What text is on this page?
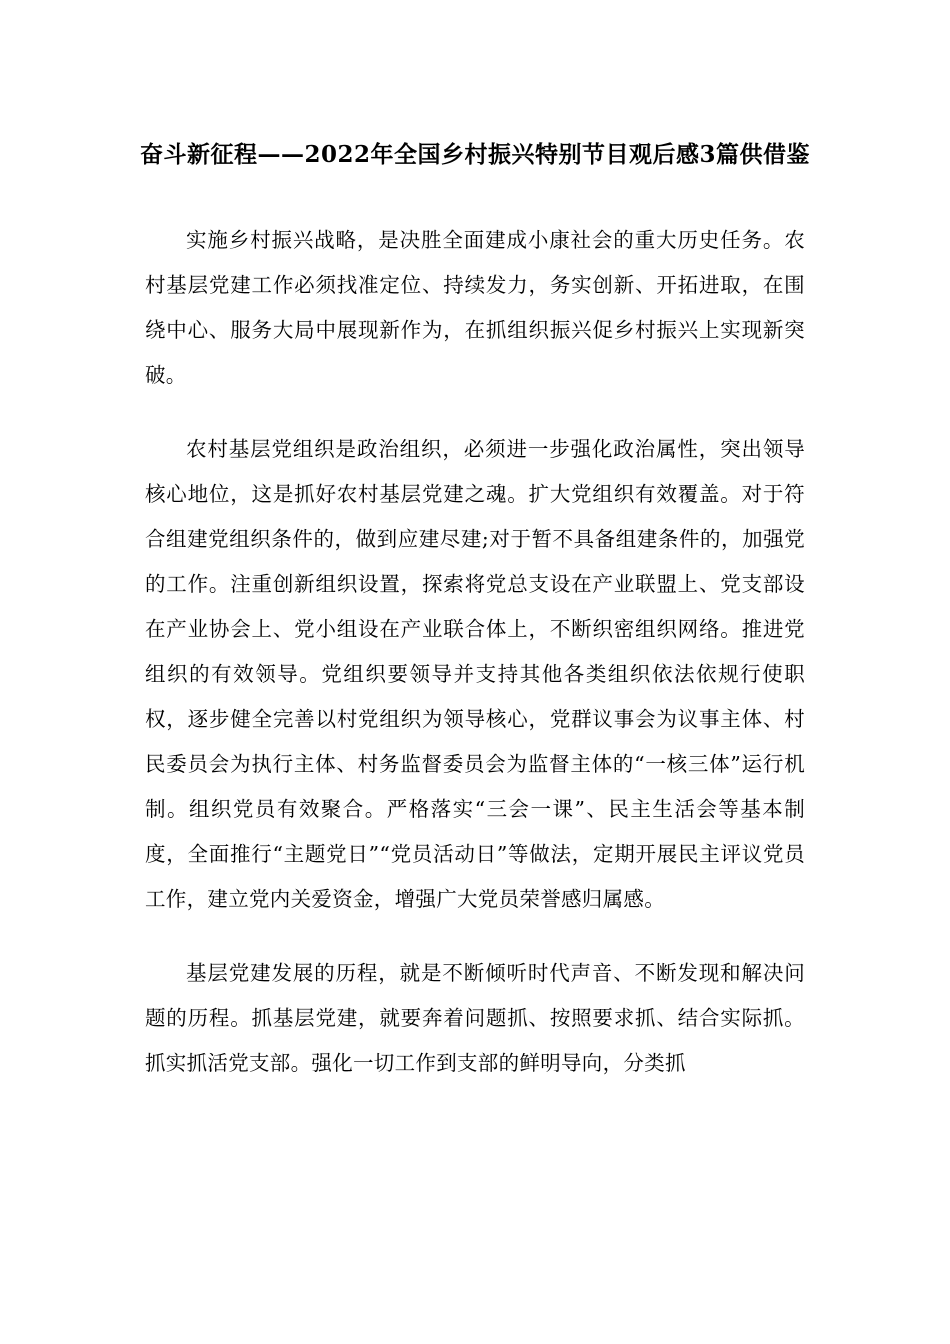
奋斗新征程——2022年全国乡村振兴特别节目观后感3篇供借鉴

实施乡村振兴战略，是决胜全面建成小康社会的重大历史任务。农村基层党建工作必须找准定位、持续发力，务实创新、开拓进取，在围绕中心、服务大局中展现新作为，在抓组织振兴促乡村振兴上实现新突破。

农村基层党组织是政治组织，必须进一步强化政治属性，突出领导核心地位，这是抓好农村基层党建之魂。扩大党组织有效覆盖。对于符合组建党组织条件的，做到应建尽建;对于暂不具备组建条件的，加强党的工作。注重创新组织设置，探索将党总支设在产业联盟上、党支部设在产业协会上、党小组设在产业联合体上，不断织密组织网络。推进党组织的有效领导。党组织要领导并支持其他各类组织依法依规行使职权，逐步健全完善以村党组织为领导核心，党群议事会为议事主体、村民委员会为执行主体、村务监督委员会为监督主体的“一核三体”运行机制。组织党员有效聚合。严格落实“三会一课”、民主生活会等基本制度，全面推行“主题党日”“党员活动日”等做法，定期开展民主评议党员工作，建立党内关爱资金，增强广大党员荣誉感归属感。

基层党建发展的历程，就是不断倾听时代声音、不断发现和解决问题的历程。抓基层党建，就要奔着问题抓、按照要求抓、结合实际抓。抓实抓活党支部。强化一切工作到支部的鲜明导向，分类抓
